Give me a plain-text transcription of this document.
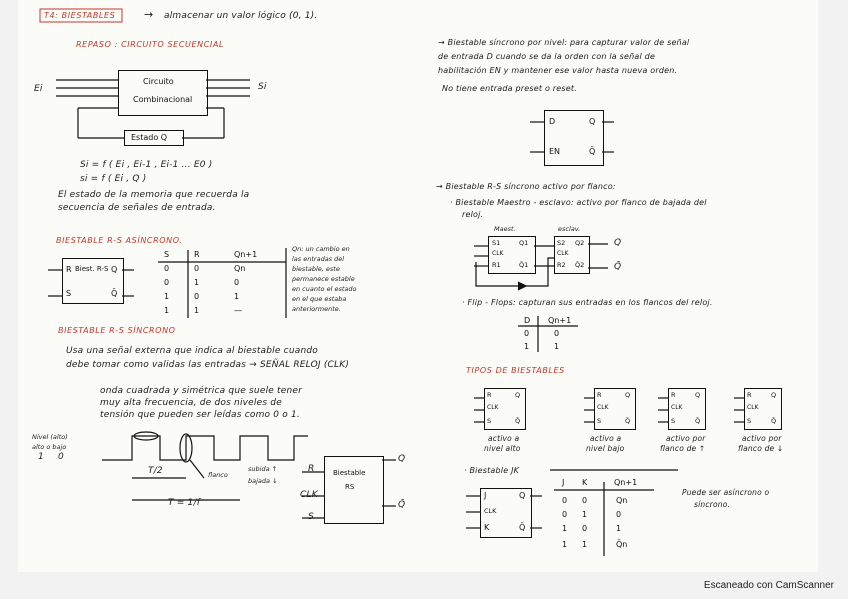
T4: BIESTABLES	→ almacenar un valor lógico (0, 1).
REPASO : CIRCUITO SECUENCIAL
Ei	Si
Circuito
Combinacional
Estado Q
Si = f ( Ei , Ei-1 , Ei-1 ... E0 )
si = f ( Ei , Q )
El estado de la memoria que recuerda la
secuencia de señales de entrada.
BIESTABLE R-S ASÍNCRONO.
R Biest. R-S Q
S	Q̄
S	R	Qn+1
0	0	Qn
0	1	0
1	0	1
1	1	—
Qn: un cambio en
las entradas del
biestable, este
permanece estable
en cuanto el estado
en el que estaba
anteriormente.
BIESTABLE R-S SÍNCRONO
Usa una señal externa que indica al biestable cuando
debe tomar como validas las entradas → SEÑAL RELOJ (CLK)
onda cuadrada y simétrica que suele tener
muy alta frecuencia, de dos niveles de
tensión que pueden ser leídas como 0 o 1.
Nivel (alto)
alto o bajo
1 0
T/2
T = 1/f
flanco
subida ↑
bajada ↓
R
CLK
S
Biestable
RS
Q
Q̄
→ Biestable síncrono por nivel: para capturar valor de señal
de entrada D cuando se da la orden con la señal de
habilitación EN y mantener ese valor hasta nueva orden.
No tiene entrada preset o reset.
D	Q
EN	Q̄
→ Biestable R-S síncrono activo por flanco:
· Biestable Maestro - esclavo: activo por flanco de bajada del
reloj.
Maest.	esclav.
S1	Q1
CLK
R1	Q̄1
S2 Q2
CLK
R2 Q̄2
Q
Q̄
· Flip - Flops: capturan sus entradas en los flancos del reloj.
D Qn+1
0	0
1	1
TIPOS DE BIESTABLES
R
CLK
S
Q
Q̄
activo a
nivel alto
R
CLK
S
Q
Q̄
activo a
nivel bajo
R
CLK
S
Q
Q̄
activo por
flanco de ↑
R
CLK
S
Q
Q̄
activo por
flanco de ↓
· Biestable JK
J
CLK
K
Q
Q̄
J K	Qn+1
0 0	Qn
0 1	0
1 0	1
1 1	Q̄n
Puede ser asíncrono o
síncrono.
Escaneado con CamScanner
